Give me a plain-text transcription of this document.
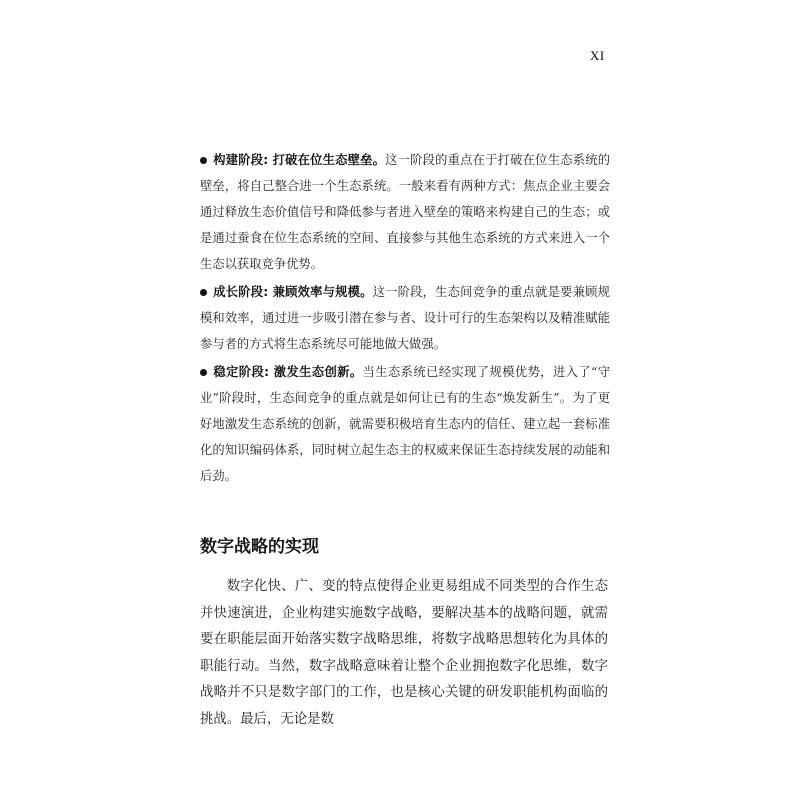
XI

构建阶段: 打破在位生态壁垒。这一阶段的重点在于打破在位生态系统的壁垒，将自己整合进一个生态系统。一般来看有两种方式：焦点企业主要会通过释放生态价值信号和降低参与者进入壁垒的策略来构建自己的生态；或是通过蚕食在位生态系统的空间、直接参与其他生态系统的方式来进入一个生态以获取竞争优势。

成长阶段: 兼顾效率与规模。这一阶段，生态间竞争的重点就是要兼顾规模和效率，通过进一步吸引潜在参与者、设计可行的生态架构以及精准赋能参与者的方式将生态系统尽可能地做大做强。

稳定阶段: 激发生态创新。当生态系统已经实现了规模优势，进入了“守业”阶段时，生态间竞争的重点就是如何让已有的生态“焕发新生”。为了更好地激发生态系统的创新，就需要积极培育生态内的信任、建立起一套标准化的知识编码体系，同时树立起生态主的权威来保证生态持续发展的动能和后劲。

数字战略的实现

数字化快、广、变的特点使得企业更易组成不同类型的合作生态并快速演进，企业构建实施数字战略，要解决基本的战略问题，就需要在职能层面开始落实数字战略思维，将数字战略思想转化为具体的职能行动。当然，数字战略意味着让整个企业拥抱数字化思维，数字战略并不只是数字部门的工作，也是核心关键的研发职能机构面临的挑战。最后，无论是数
